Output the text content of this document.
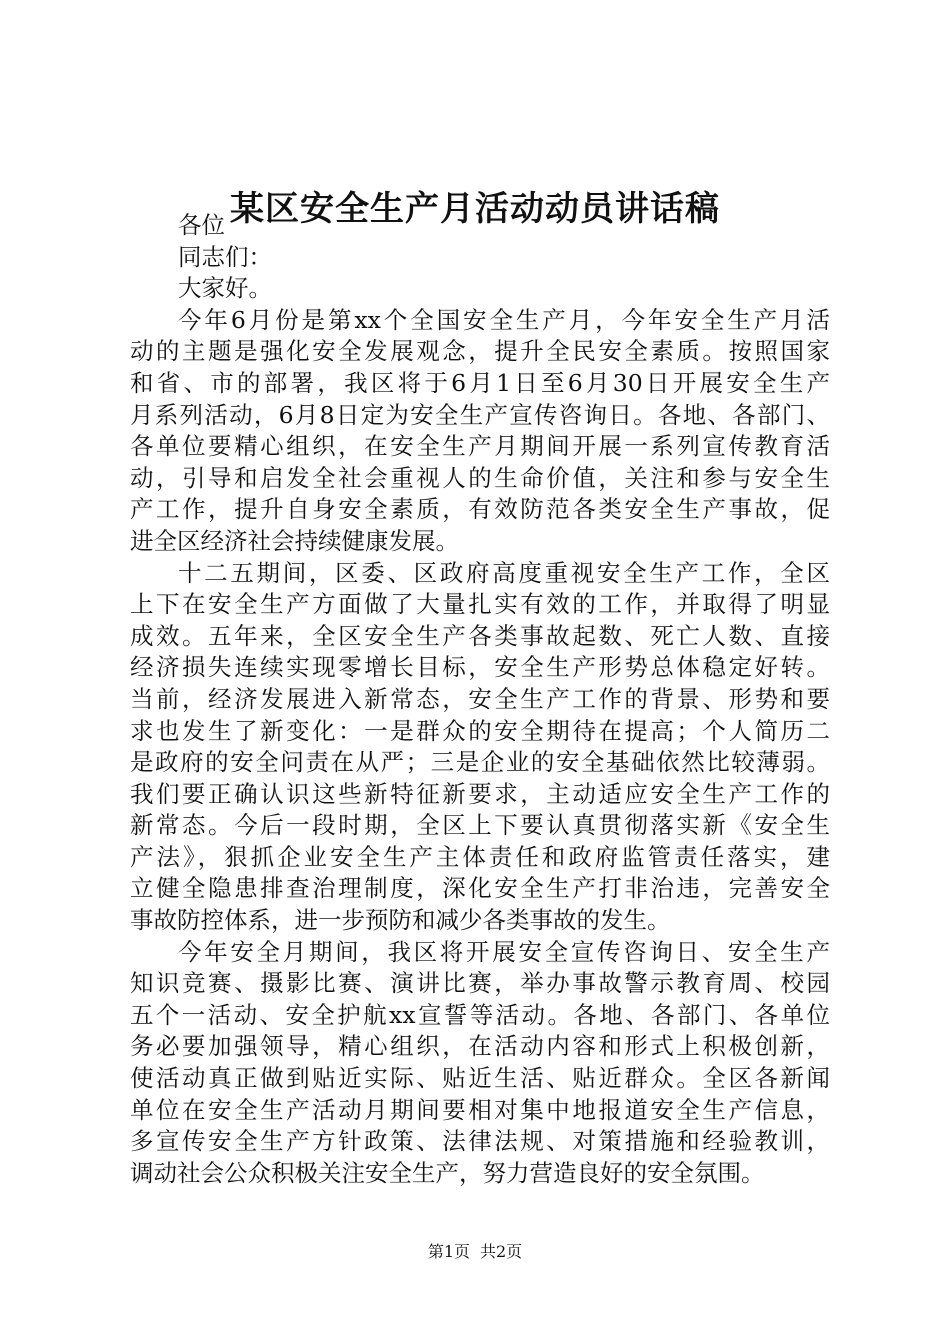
某区安全生产月活动动员讲话稿
各位
同志们：
大家好。
今年6月份是第xx个全国安全生产月，今年安全生产月活
动的主题是强化安全发展观念，提升全民安全素质。按照国家
和省、市的部署，我区将于6月1日至6月30日开展安全生产
月系列活动，6月8日定为安全生产宣传咨询日。各地、各部门、
各单位要精心组织，在安全生产月期间开展一系列宣传教育活
动，引导和启发全社会重视人的生命价值，关注和参与安全生
产工作，提升自身安全素质，有效防范各类安全生产事故，促
进全区经济社会持续健康发展。
十二五期间，区委、区政府高度重视安全生产工作，全区
上下在安全生产方面做了大量扎实有效的工作，并取得了明显
成效。五年来，全区安全生产各类事故起数、死亡人数、直接
经济损失连续实现零增长目标，安全生产形势总体稳定好转。
当前，经济发展进入新常态，安全生产工作的背景、形势和要
求也发生了新变化：一是群众的安全期待在提高；个人简历二
是政府的安全问责在从严；三是企业的安全基础依然比较薄弱。
我们要正确认识这些新特征新要求，主动适应安全生产工作的
新常态。今后一段时期，全区上下要认真贯彻落实新《安全生
产法》，狠抓企业安全生产主体责任和政府监管责任落实，建
立健全隐患排查治理制度，深化安全生产打非治违，完善安全
事故防控体系，进一步预防和减少各类事故的发生。
今年安全月期间，我区将开展安全宣传咨询日、安全生产
知识竞赛、摄影比赛、演讲比赛，举办事故警示教育周、校园
五个一活动、安全护航xx宣誓等活动。各地、各部门、各单位
务必要加强领导，精心组织，在活动内容和形式上积极创新，
使活动真正做到贴近实际、贴近生活、贴近群众。全区各新闻
单位在安全生产活动月期间要相对集中地报道安全生产信息，
多宣传安全生产方针政策、法律法规、对策措施和经验教训，
调动社会公众积极关注安全生产，努力营造良好的安全氛围。
第1页 共2页
